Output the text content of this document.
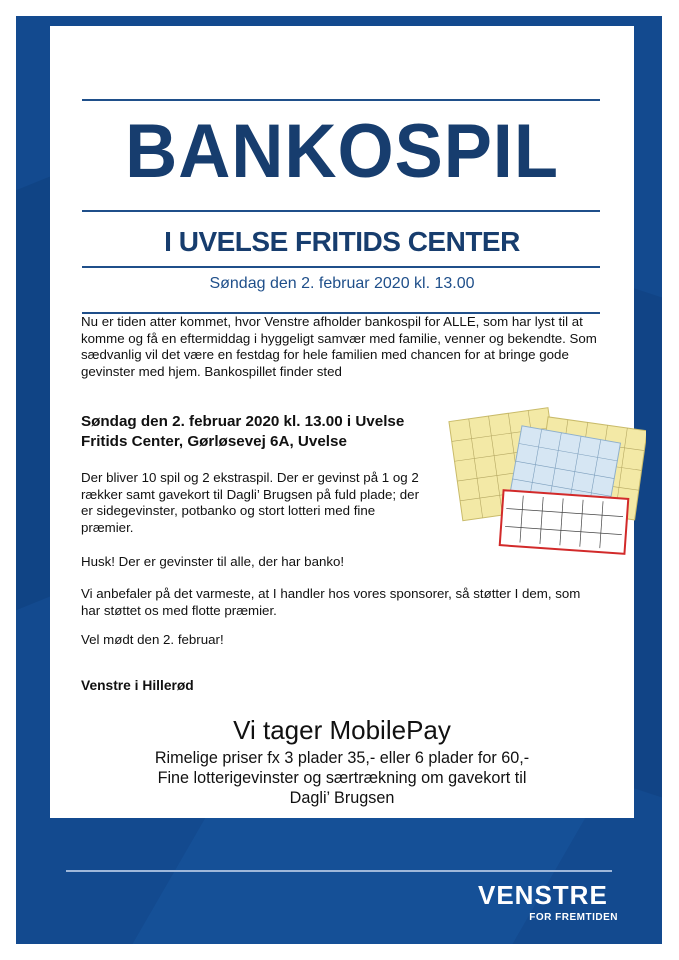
BANKOSPIL
I UVELSE FRITIDS CENTER
Søndag den 2. februar 2020 kl. 13.00
Nu er tiden atter kommet, hvor Venstre afholder bankospil for ALLE, som har lyst til at komme og få en eftermiddag i hyggeligt samvær med familie, venner og bekendte. Som sædvanlig vil det være en festdag for hele familien med chancen for at bringe gode gevinster med hjem. Bankospillet finder sted
Søndag den 2. februar 2020 kl. 13.00 i Uvelse Fritids Center, Gørløsevej 6A, Uvelse
Der bliver 10 spil og 2 ekstraspil. Der er gevinst på 1 og 2 rækker samt gavekort til Dagli’ Brugsen på fuld plade; der er sidegevinster, potbanko og stort lotteri med fine præmier.
Husk! Der er gevinster til alle, der har banko!
Vi anbefaler på det varmeste, at I handler hos vores sponsorer, så støtter I dem, som har støttet os med flotte præmier.
Vel mødt den 2. februar!
Venstre i Hillerød
Vi tager MobilePay
Rimelige priser fx 3 plader 35,- eller 6 plader for 60,-
Fine lotterigevinster og særtrækning om gavekort til
Dagli’ Brugsen
VENSTRE
FOR FREMTIDEN
